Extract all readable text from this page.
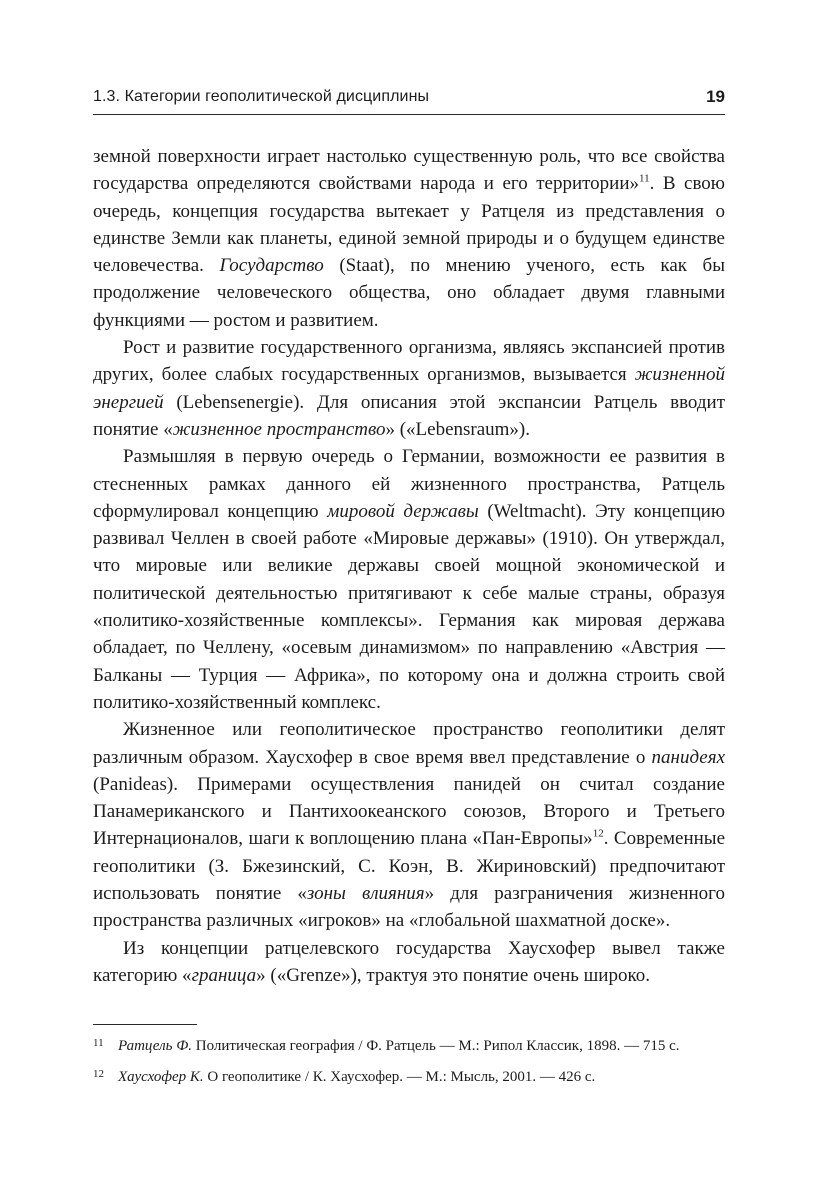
1.3. Категории геополитической дисциплины	19

земной поверхности играет настолько существенную роль, что все свойства государства определяются свойствами народа и его территории»$^{11}$. В свою очередь, концепция государства вытекает у Ратцеля из представления о единстве Земли как планеты, единой земной природы и о будущем единстве человечества. Государство (Staat), по мнению ученого, есть как бы продолжение человеческого общества, оно обладает двумя главными функциями — ростом и развитием.

Рост и развитие государственного организма, являясь экспансией против других, более слабых государственных организмов, вызывается жизненной энергией (Lebensenergie). Для описания этой экспансии Ратцель вводит понятие «жизненное пространство» («Lebensraum»).

Размышляя в первую очередь о Германии, возможности ее развития в стесненных рамках данного ей жизненного пространства, Ратцель сформулировал концепцию мировой державы (Weltmacht). Эту концепцию развивал Челлен в своей работе «Мировые державы» (1910). Он утверждал, что мировые или великие державы своей мощной экономической и политической деятельностью притягивают к себе малые страны, образуя «политико-хозяйственные комплексы». Германия как мировая держава обладает, по Челлену, «осевым динамизмом» по направлению «Австрия — Балканы — Турция — Африка», по которому она и должна строить свой политико-хозяйственный комплекс.

Жизненное или геополитическое пространство геополитики делят различным образом. Хаусхофер в свое время ввел представление о панидеях (Panideas). Примерами осуществления панидей он считал создание Панамериканского и Пантихоокеанского союзов, Второго и Третьего Интернационалов, шаги к воплощению плана «Пан-Европы»$^{12}$. Современные геополитики (З. Бжезинский, С. Коэн, В. Жириновский) предпочитают использовать понятие «зоны влияния» для разграничения жизненного пространства различных «игроков» на «глобальной шахматной доске».

Из концепции ратцелевского государства Хаусхофер вывел также категорию «граница» («Grenze»), трактуя это понятие очень широко.

11 Ратцель Ф. Политическая география / Ф. Ратцель — М.: Рипол Классик, 1898. — 715 с.
12 Хаусхофер К. О геополитике / К. Хаусхофер. — М.: Мысль, 2001. — 426 с.
